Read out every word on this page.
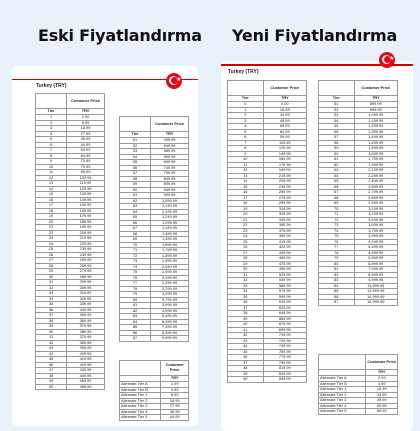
Eski Fiyatlandırma Yeni Fiyatlandırma
★
Turkey (TRY)
	Customer Price
Tier	TRY
1	2.00
2	8.99
3	18.99
4	27.99
5	36.99
6	44.99
7	54.99
8	64.99
9	73.99
10	79.99
11	89.99
12	109.99
13	119.99
14	129.99
15	139.99
16	149.99
17	159.99
18	169.99
19	179.99
20	189.99
21	199.99
22	209.99
23	219.99
24	229.99
25	239.99
26	249.99
27	259.99
28	269.99
29	279.99
30	289.99
31	299.99
32	309.99
33	319.99
34	329.99
35	339.99
36	349.99
37	359.99
38	369.99
39	379.99
40	389.99
41	379.99
42	389.99
43	399.99
44	409.99
45	419.99
46	429.99
47	439.99
48	449.99
49	459.99
50	469.99
	Customer Price
Tier	TRY
51	499.99
52	549.99
53	589.99
54	599.99
55	699.99
56	749.99
57	799.99
58	849.99
59	899.99
60	949.99
61	999.99
62	1,099.99
63	1,149.99
64	1,199.99
65	1,249.99
66	1,299.99
67	1,349.99
68	1,399.99
69	1,499.99
70	1,599.99
71	1,799.99
72	1,899.99
73	1,999.99
74	2,049.99
75	2,099.99
76	2,199.99
77	2,299.99
78	2,799.99
79	3,299.99
80	3,799.99
81	3,999.99
82	4,999.99
83	5,499.99
84	6,499.99
85	7,499.99
86	8,499.99
87	9,999.99
	Customer Price
	TRY
Alternate Tier A	1.99
Alternate Tier B	3.99
Alternate Tier 1	8.99
Alternate Tier 2	18.99
Alternate Tier 3	27.99
Alternate Tier 4	36.99
Alternate Tier 5	44.99
★
Turkey (TRY)
	Customer Price
Tier	TRY
0	0.00
1	16.99
2	34.99
3	49.99
4	69.99
5	84.99
6	99.99
7	119.99
8	129.99
9	149.99
10	169.99
11	179.99
12	199.99
13	219.99
14	229.99
15	249.99
16	269.99
17	279.99
18	299.99
19	319.99
20	329.99
21	349.99
22	369.99
23	379.99
24	399.99
25	419.99
26	429.99
27	449.99
28	469.99
29	479.99
30	499.99
31	529.99
32	549.99
33	569.99
34	579.99
35	599.99
36	619.99
37	629.99
38	649.99
39	669.99
40	679.99
41	699.99
42	719.99
43	729.99
44	749.99
45	769.99
46	779.99
47	799.99
48	819.99
49	829.99
50	849.99
	Customer Price
Tier	TRY
51	899.99
52	999.99
53	1,099.99
54	1,199.99
55	1,299.99
56	1,399.99
57	1,449.99
58	1,499.99
59	1,599.99
60	1,699.99
61	1,799.99
62	1,999.99
63	2,199.99
64	2,299.99
65	2,499.99
66	2,699.99
67	2,799.99
68	2,899.99
69	2,999.99
70	3,199.99
71	3,299.99
72	3,499.99
73	3,699.99
74	3,799.99
75	3,999.99
76	4,299.99
77	4,499.99
78	4,999.99
79	5,999.99
80	6,999.99
81	7,999.99
82	8,999.99
83	9,999.99
84	11,999.99
85	12,999.99
86	14,999.99
87	16,999.99
	Customer Price
	TRY
Alternate Tier A	2.99
Alternate Tier B	4.99
Alternate Tier 1	16.99
Alternate Tier 2	34.99
Alternate Tier 3	49.99
Alternate Tier 4	69.99
Alternate Tier 5	84.99
